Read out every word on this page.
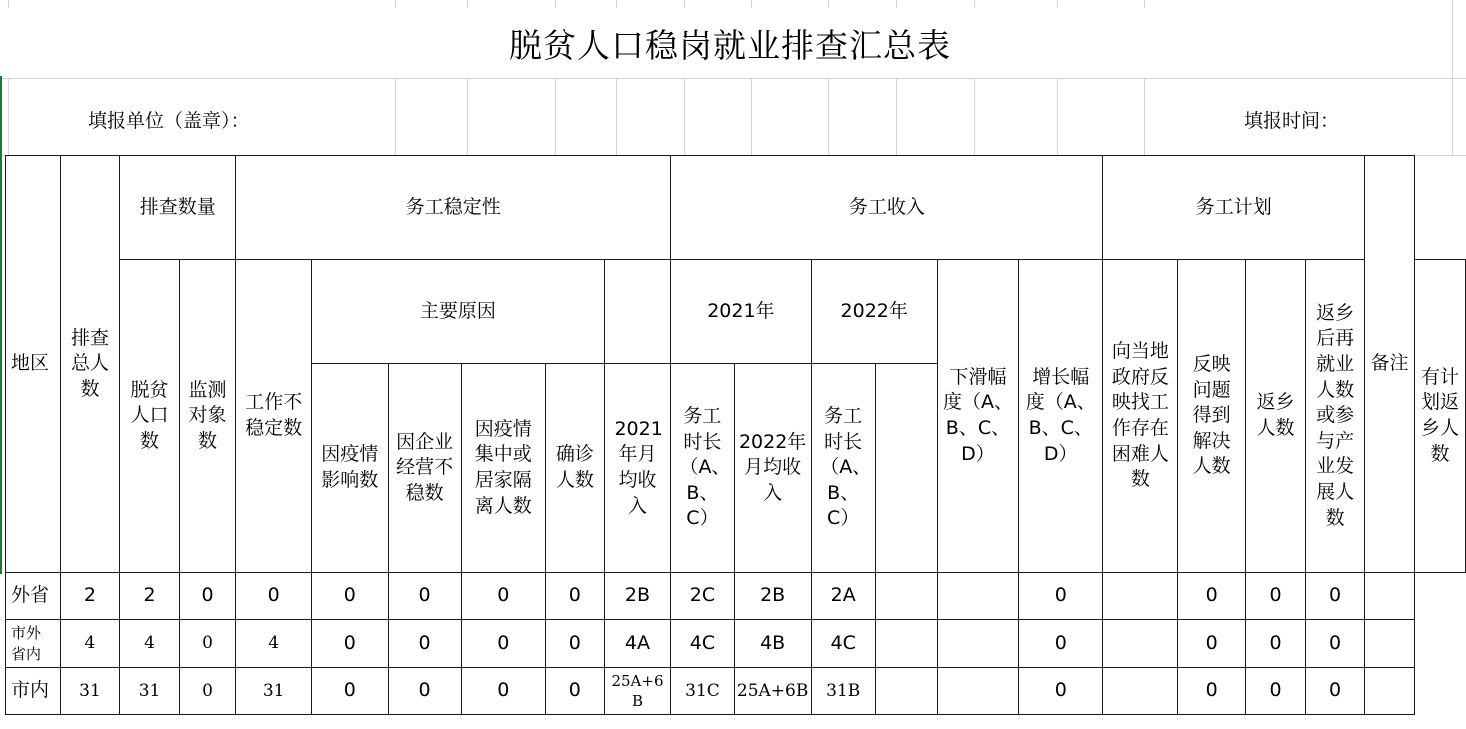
脱贫人口稳岗就业排查汇总表
填报单位（盖章）：	填报时间：
地区	排查总人数	排查数量		务工稳定性						务工收入						务工计划				备注	
		脱贫人口数	监测对象数	工作不稳定数	主要原因					2021年		2022年		下滑幅度（A、B、C、D）	增长幅度（A、B、C、D）	向当地政府反映找工作存在困难人数	反映问题得到解决人数	返乡人数	返乡后再就业人数或参与产业发展人数		有计划返乡人数
					因疫情影响数	因企业经营不稳数	因疫情集中或居家隔离人数	确诊人数	2021年月均收入	务工时长（A、B、C）	2022年月均收入	务工时长（A、B、C）									
外省	2	2	0	0	0	0	0	0	2B	2C	2B	2A			0		0	0	0		
市外省内	4	4	0	4	0	0	0	0	4A	4C	4B	4C			0		0	0	0		
市内	31	31	0	31	0	0	0	0	25A+6B	31C	25A+6B	31B			0		0	0	0		
